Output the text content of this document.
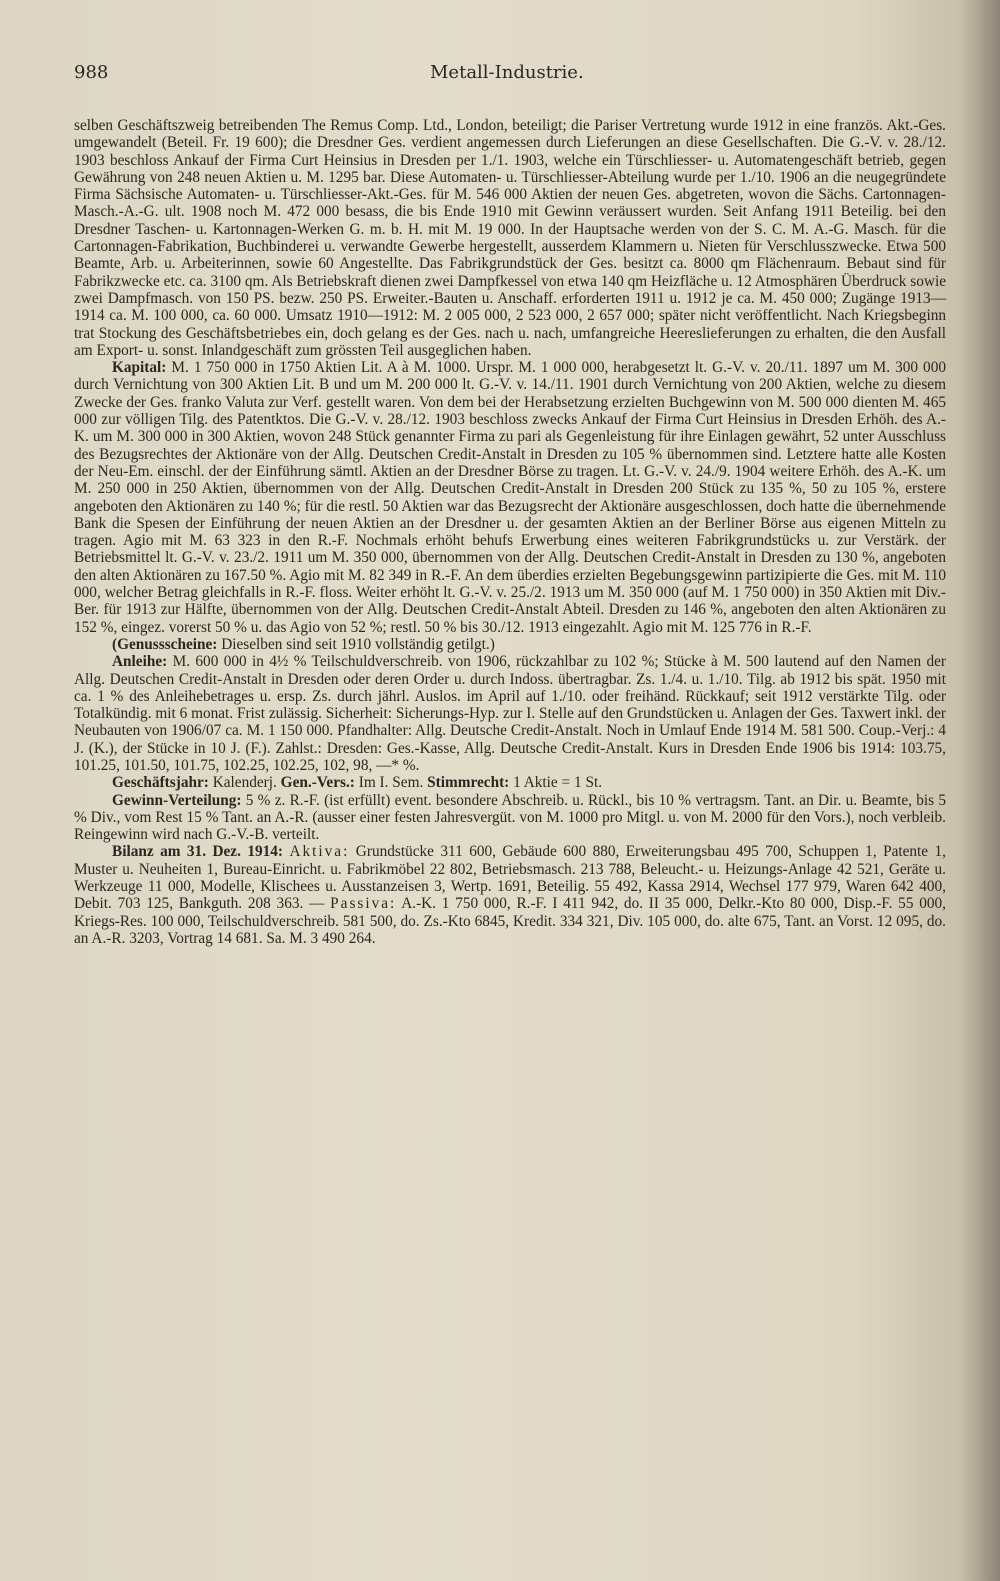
988	Metall-Industrie.

selben Geschäftszweig betreibenden The Remus Comp. Ltd., London, beteiligt; die Pariser Vertretung wurde 1912 in eine französ. Akt.-Ges. umgewandelt (Beteil. Fr. 19 600); die Dresdner Ges. verdient angemessen durch Lieferungen an diese Gesellschaften. Die G.-V. v. 28./12. 1903 beschloss Ankauf der Firma Curt Heinsius in Dresden per 1./1. 1903, welche ein Türschliesser- u. Automatengeschäft betrieb, gegen Gewährung von 248 neuen Aktien u. M. 1295 bar. Diese Automaten- u. Türschliesser-Abteilung wurde per 1./10. 1906 an die neugegründete Firma Sächsische Automaten- u. Türschliesser-Akt.-Ges. für M. 546 000 Aktien der neuen Ges. abgetreten, wovon die Sächs. Cartonnagen-Masch.-A.-G. ult. 1908 noch M. 472 000 besass, die bis Ende 1910 mit Gewinn veräussert wurden. Seit Anfang 1911 Beteilig. bei den Dresdner Taschen- u. Kartonnagen-Werken G. m. b. H. mit M. 19 000. In der Hauptsache werden von der S. C. M. A.-G. Masch. für die Cartonnagen-Fabrikation, Buchbinderei u. verwandte Gewerbe hergestellt, ausserdem Klammern u. Nieten für Verschlusszwecke. Etwa 500 Beamte, Arb. u. Arbeiterinnen, sowie 60 Angestellte. Das Fabrikgrundstück der Ges. besitzt ca. 8000 qm Flächenraum. Bebaut sind für Fabrikzwecke etc. ca. 3100 qm. Als Betriebskraft dienen zwei Dampfkessel von etwa 140 qm Heizfläche u. 12 Atmosphären Überdruck sowie zwei Dampfmasch. von 150 PS. bezw. 250 PS. Erweiter.-Bauten u. Anschaff. erforderten 1911 u. 1912 je ca. M. 450 000; Zugänge 1913—1914 ca. M. 100 000, ca. 60 000. Umsatz 1910—1912: M. 2 005 000, 2 523 000, 2 657 000; später nicht veröffentlicht. Nach Kriegsbeginn trat Stockung des Geschäftsbetriebes ein, doch gelang es der Ges. nach u. nach, umfangreiche Heereslieferungen zu erhalten, die den Ausfall am Export- u. sonst. Inlandgeschäft zum grössten Teil ausgeglichen haben.

Kapital: M. 1 750 000 in 1750 Aktien Lit. A à M. 1000. Urspr. M. 1 000 000, herabgesetzt lt. G.-V. v. 20./11. 1897 um M. 300 000 durch Vernichtung von 300 Aktien Lit. B und um M. 200 000 lt. G.-V. v. 14./11. 1901 durch Vernichtung von 200 Aktien, welche zu diesem Zwecke der Ges. franko Valuta zur Verf. gestellt waren. Von dem bei der Herabsetzung erzielten Buchgewinn von M. 500 000 dienten M. 465 000 zur völligen Tilg. des Patentktos. Die G.-V. v. 28./12. 1903 beschloss zwecks Ankauf der Firma Curt Heinsius in Dresden Erhöh. des A.-K. um M. 300 000 in 300 Aktien, wovon 248 Stück genannter Firma zu pari als Gegenleistung für ihre Einlagen gewährt, 52 unter Ausschluss des Bezugsrechtes der Aktionäre von der Allg. Deutschen Credit-Anstalt in Dresden zu 105 % übernommen sind. Letztere hatte alle Kosten der Neu-Em. einschl. der der Einführung sämtl. Aktien an der Dresdner Börse zu tragen. Lt. G.-V. v. 24./9. 1904 weitere Erhöh. des A.-K. um M. 250 000 in 250 Aktien, übernommen von der Allg. Deutschen Credit-Anstalt in Dresden 200 Stück zu 135 %, 50 zu 105 %, erstere angeboten den Aktionären zu 140 %; für die restl. 50 Aktien war das Bezugsrecht der Aktionäre ausgeschlossen, doch hatte die übernehmende Bank die Spesen der Einführung der neuen Aktien an der Dresdner u. der gesamten Aktien an der Berliner Börse aus eigenen Mitteln zu tragen. Agio mit M. 63 323 in den R.-F. Nochmals erhöht behufs Erwerbung eines weiteren Fabrikgrundstücks u. zur Verstärk. der Betriebsmittel lt. G.-V. v. 23./2. 1911 um M. 350 000, übernommen von der Allg. Deutschen Credit-Anstalt in Dresden zu 130 %, angeboten den alten Aktionären zu 167.50 %. Agio mit M. 82 349 in R.-F. An dem überdies erzielten Begebungsgewinn partizipierte die Ges. mit M. 110 000, welcher Betrag gleichfalls in R.-F. floss. Weiter erhöht lt. G.-V. v. 25./2. 1913 um M. 350 000 (auf M. 1 750 000) in 350 Aktien mit Div.-Ber. für 1913 zur Hälfte, übernommen von der Allg. Deutschen Credit-Anstalt Abteil. Dresden zu 146 %, angeboten den alten Aktionären zu 152 %, eingez. vorerst 50 % u. das Agio von 52 %; restl. 50 % bis 30./12. 1913 eingezahlt. Agio mit M. 125 776 in R.-F.

(Genussscheine: Dieselben sind seit 1910 vollständig getilgt.)

Anleihe: M. 600 000 in 4½ % Teilschuldverschreib. von 1906, rückzahlbar zu 102 %; Stücke à M. 500 lautend auf den Namen der Allg. Deutschen Credit-Anstalt in Dresden oder deren Order u. durch Indoss. übertragbar. Zs. 1./4. u. 1./10. Tilg. ab 1912 bis spät. 1950 mit ca. 1 % des Anleihebetrages u. ersp. Zs. durch jährl. Auslos. im April auf 1./10. oder freihänd. Rückkauf; seit 1912 verstärkte Tilg. oder Totalkündig. mit 6 monat. Frist zulässig. Sicherheit: Sicherungs-Hyp. zur I. Stelle auf den Grundstücken u. Anlagen der Ges. Taxwert inkl. der Neubauten von 1906/07 ca. M. 1 150 000. Pfandhalter: Allg. Deutsche Credit-Anstalt. Noch in Umlauf Ende 1914 M. 581 500. Coup.-Verj.: 4 J. (K.), der Stücke in 10 J. (F.). Zahlst.: Dresden: Ges.-Kasse, Allg. Deutsche Credit-Anstalt. Kurs in Dresden Ende 1906 bis 1914: 103.75, 101.25, 101.50, 101.75, 102.25, 102.25, 102, 98, —* %.

Geschäftsjahr: Kalenderj. Gen.-Vers.: Im I. Sem. Stimmrecht: 1 Aktie = 1 St.

Gewinn-Verteilung: 5 % z. R.-F. (ist erfüllt) event. besondere Abschreib. u. Rückl., bis 10 % vertragsm. Tant. an Dir. u. Beamte, bis 5 % Div., vom Rest 15 % Tant. an A.-R. (ausser einer festen Jahresvergüt. von M. 1000 pro Mitgl. u. von M. 2000 für den Vors.), noch verbleib. Reingewinn wird nach G.-V.-B. verteilt.

Bilanz am 31. Dez. 1914: Aktiva: Grundstücke 311 600, Gebäude 600 880, Erweiterungsbau 495 700, Schuppen 1, Patente 1, Muster u. Neuheiten 1, Bureau-Einricht. u. Fabrikmöbel 22 802, Betriebsmasch. 213 788, Beleucht.- u. Heizungs-Anlage 42 521, Geräte u. Werkzeuge 11 000, Modelle, Klischees u. Ausstanzeisen 3, Wertp. 1691, Beteilig. 55 492, Kassa 2914, Wechsel 177 979, Waren 642 400, Debit. 703 125, Bankguth. 208 363. — Passiva: A.-K. 1 750 000, R.-F. I 411 942, do. II 35 000, Delkr.-Kto 80 000, Disp.-F. 55 000, Kriegs-Res. 100 000, Teilschuldverschreib. 581 500, do. Zs.-Kto 6845, Kredit. 334 321, Div. 105 000, do. alte 675, Tant. an Vorst. 12 095, do. an A.-R. 3203, Vortrag 14 681. Sa. M. 3 490 264.
